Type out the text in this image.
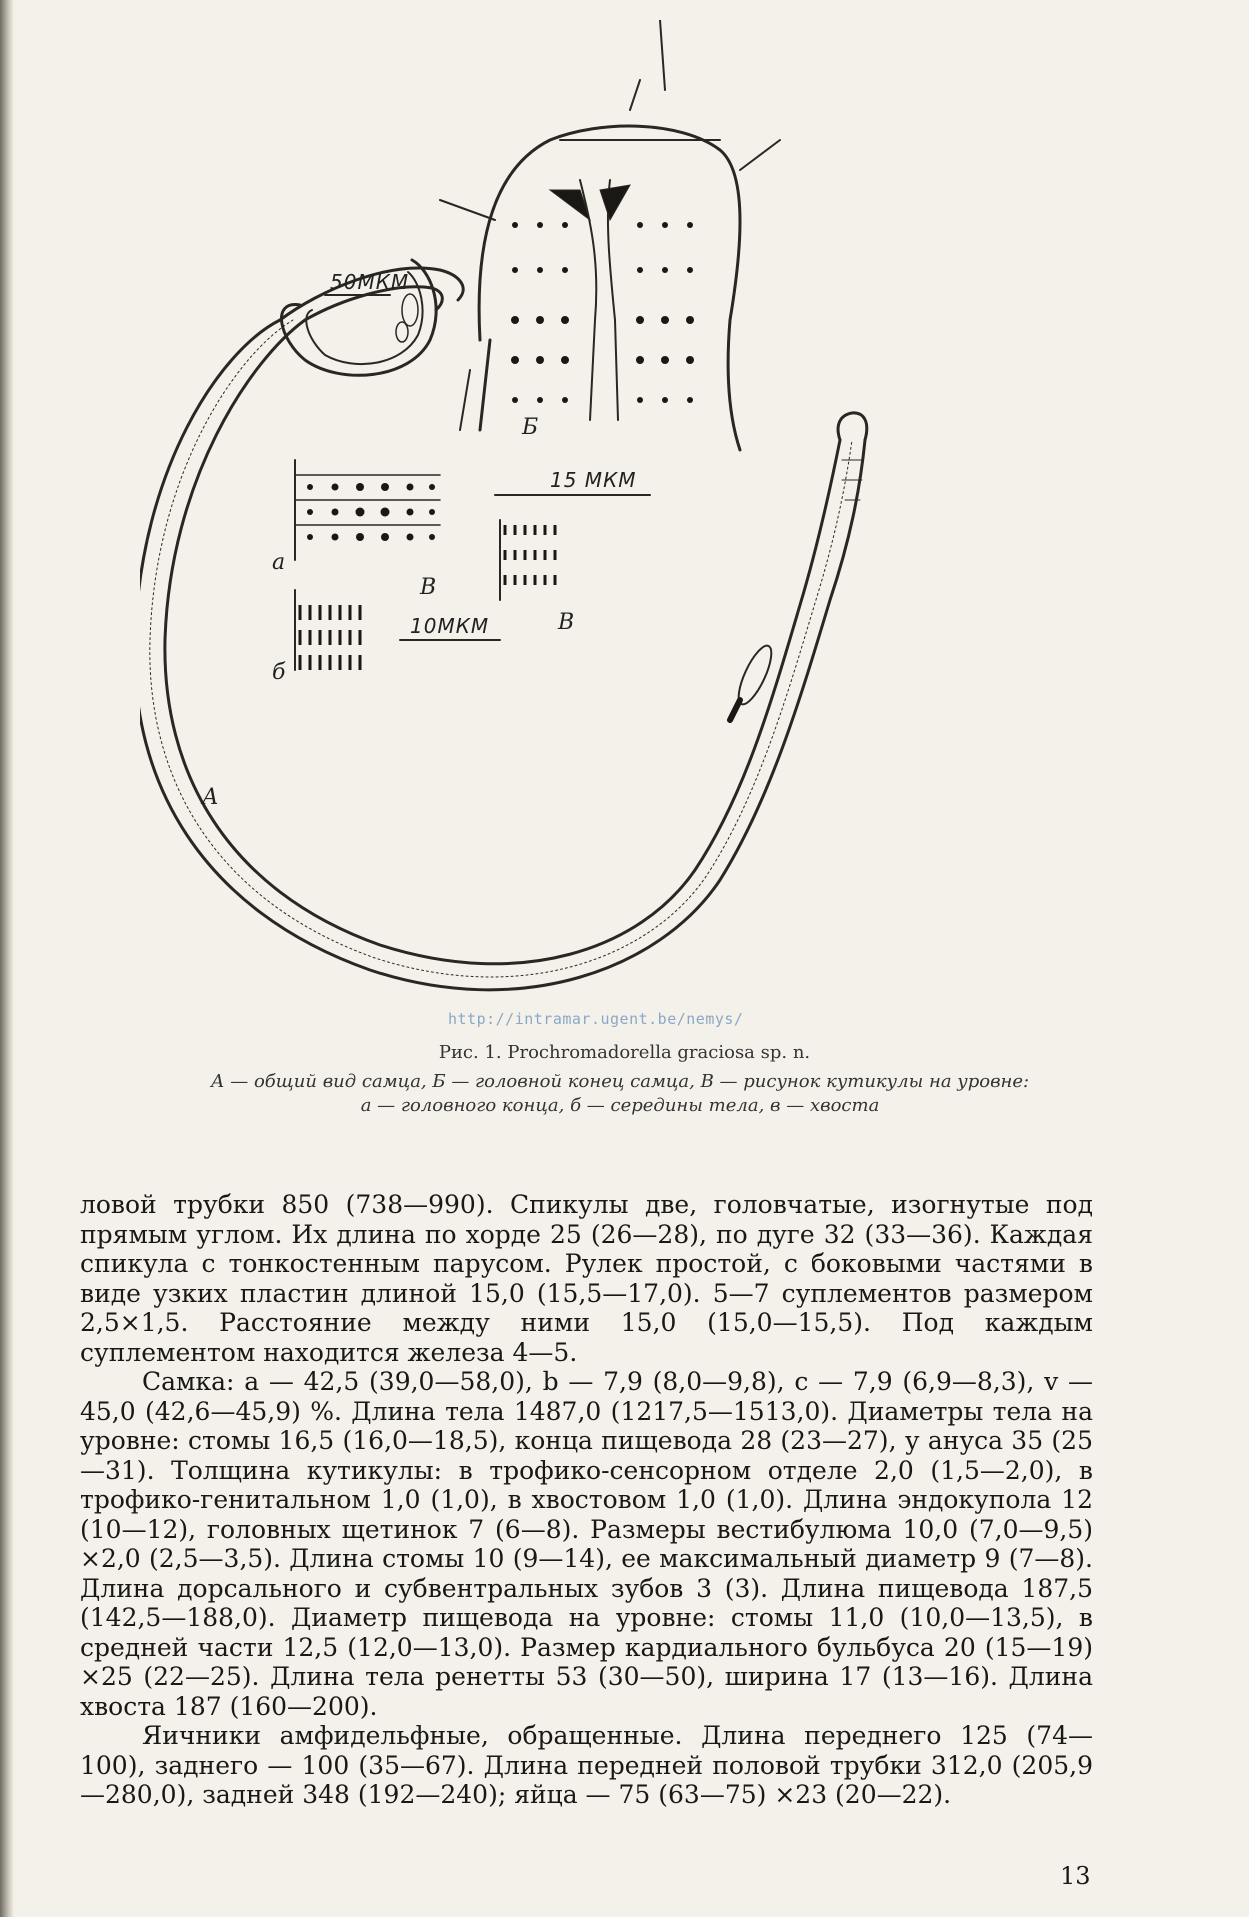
А
Б
В
В
а
б
50МКМ
15 МКМ
10МКМ
http://intramar.ugent.be/nemys/
Рис. 1. Prochromadorella graciosa sp. n.
А — общий вид самца, Б — головной конец самца, В — рисунок кутикулы на уровне:
а — головного конца, б — середины тела, в — хвоста

ловой трубки 850 (738—990). Спикулы две, головчатые, изогнутые под прямым углом. Их длина по хорде 25 (26—28), по дуге 32 (33—36). Каждая спикула с тонкостенным парусом. Рулек простой, с боковыми частями в виде узких пластин длиной 15,0 (15,5—17,0). 5—7 суплементов размером 2,5×1,5. Расстояние между ними 15,0 (15,0—15,5). Под каждым суплементом находится железа 4—5.

Самка: а — 42,5 (39,0—58,0), b — 7,9 (8,0—9,8), с — 7,9 (6,9—8,3), v — 45,0 (42,6—45,9) %. Длина тела 1487,0 (1217,5—1513,0). Диаметры тела на уровне: стомы 16,5 (16,0—18,5), конца пищевода 28 (23—27), у ануса 35 (25—31). Толщина кутикулы: в трофико-сенсорном отделе 2,0 (1,5—2,0), в трофико-генитальном 1,0 (1,0), в хвостовом 1,0 (1,0). Длина эндокупола 12 (10—12), головных щетинок 7 (6—8). Размеры вестибулюма 10,0 (7,0—9,5) ×2,0 (2,5—3,5). Длина стомы 10 (9—14), ее максимальный диаметр 9 (7—8). Длина дорсального и субвентральных зубов 3 (3). Длина пищевода 187,5 (142,5—188,0). Диаметр пищевода на уровне: стомы 11,0 (10,0—13,5), в средней части 12,5 (12,0—13,0). Размер кардиального бульбуса 20 (15—19) ×25 (22—25). Длина тела ренетты 53 (30—50), ширина 17 (13—16). Длина хвоста 187 (160—200).

Яичники амфидельфные, обращенные. Длина переднего 125 (74—100), заднего — 100 (35—67). Длина передней половой трубки 312,0 (205,9—280,0), задней 348 (192—240); яйца — 75 (63—75) ×23 (20—22).

13
